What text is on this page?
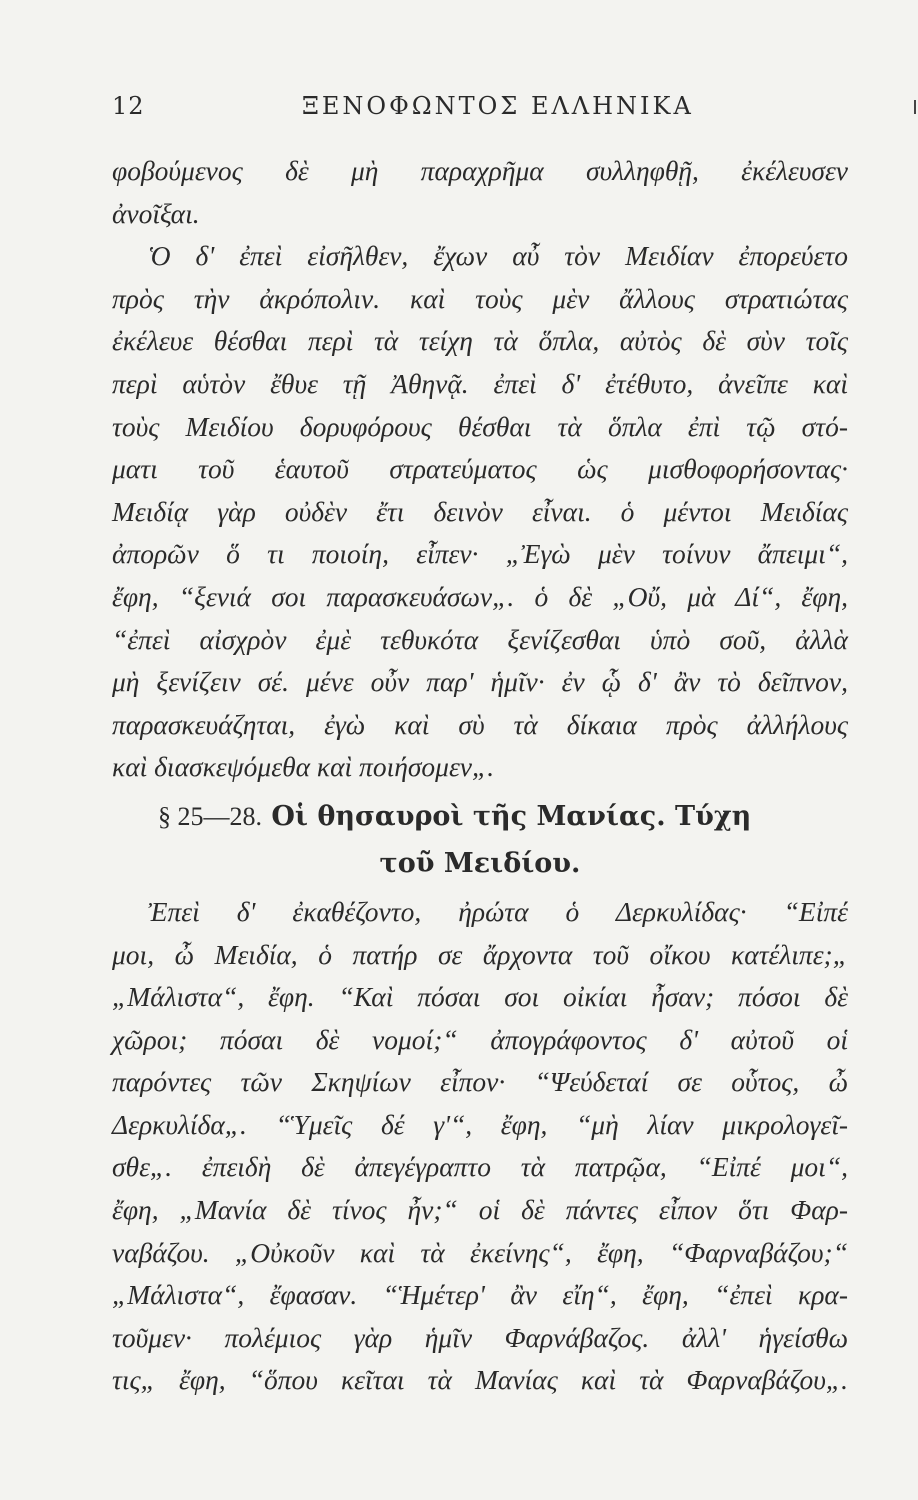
12	ΞΕΝΟΦΩΝΤΟΣ ΕΛΛΗΝΙΚΑ
φοβούμενος δὲ μὴ παραχρῆμα συλληφθῇ, ἐκέλευσεν
ἀνοῖξαι.
Ὁ δ' ἐπεὶ εἰσῆλθεν, ἔχων αὖ τὸν Μειδίαν ἐπορεύετο
πρὸς τὴν ἀκρόπολιν. καὶ τοὺς μὲν ἄλλους στρατιώτας
ἐκέλευε θέσθαι περὶ τὰ τείχη τὰ ὅπλα, αὐτὸς δὲ σὺν τοῖς
περὶ αὑτὸν ἔθυε τῇ Ἀθηνᾷ. ἐπεὶ δ' ἐτέθυτο, ἀνεῖπε καὶ
τοὺς Μειδίου δορυφόρους θέσθαι τὰ ὅπλα ἐπὶ τῷ στό-
ματι τοῦ ἑαυτοῦ στρατεύματος ὡς μισθοφορήσοντας·
Μειδίᾳ γὰρ οὐδὲν ἔτι δεινὸν εἶναι. ὁ μέντοι Μειδίας
ἀπορῶν ὅ τι ποιοίη, εἶπεν· „Ἐγὼ μὲν τοίνυν ἄπειμι“,
ἔφη, “ξενιά σοι παρασκευάσων„. ὁ δὲ „Οὔ, μὰ Δί“, ἔφη,
“ἐπεὶ αἰσχρὸν ἐμὲ τεθυκότα ξενίζεσθαι ὑπὸ σοῦ, ἀλλὰ
μὴ ξενίζειν σέ. μένε οὖν παρ' ἡμῖν· ἐν ᾧ δ' ἂν τὸ δεῖπνον,
παρασκευάζηται, ἐγὼ καὶ σὺ τὰ δίκαια πρὸς ἀλλήλους
καὶ διασκεψόμεθα καὶ ποιήσομεν„.
§ 25—28. Οἱ θησαυροὶ τῆς Μανίας. Τύχη
τοῦ Μειδίου.
Ἐπεὶ δ' ἐκαθέζοντο, ἠρώτα ὁ Δερκυλίδας· “Εἰπέ
μοι, ὦ Μειδία, ὁ πατήρ σε ἄρχοντα τοῦ οἴκου κατέλιπε;„
„Μάλιστα“, ἔφη. “Καὶ πόσαι σοι οἰκίαι ἦσαν; πόσοι δὲ
χῶροι; πόσαι δὲ νομοί;“ ἀπογράφοντος δ' αὐτοῦ οἱ
παρόντες τῶν Σκηψίων εἶπον· “Ψεύδεταί σε οὗτος, ὦ
Δερκυλίδα„. “Ὑμεῖς δέ γ'“, ἔφη, “μὴ λίαν μικρολογεῖ-
σθε„. ἐπειδὴ δὲ ἀπεγέγραπτο τὰ πατρῷα, “Εἰπέ μοι“,
ἔφη, „Μανία δὲ τίνος ἦν;“ οἱ δὲ πάντες εἶπον ὅτι Φαρ-
ναβάζου. „Οὐκοῦν καὶ τὰ ἐκείνης“, ἔφη, “Φαρναβάζου;“
„Μάλιστα“, ἔφασαν. “Ἡμέτερ' ἂν εἴη“, ἔφη, “ἐπεὶ κρα-
τοῦμεν· πολέμιος γὰρ ἡμῖν Φαρνάβαζος. ἀλλ' ἡγείσθω
τις„ ἔφη, “ὅπου κεῖται τὰ Μανίας καὶ τὰ Φαρναβάζου„.
